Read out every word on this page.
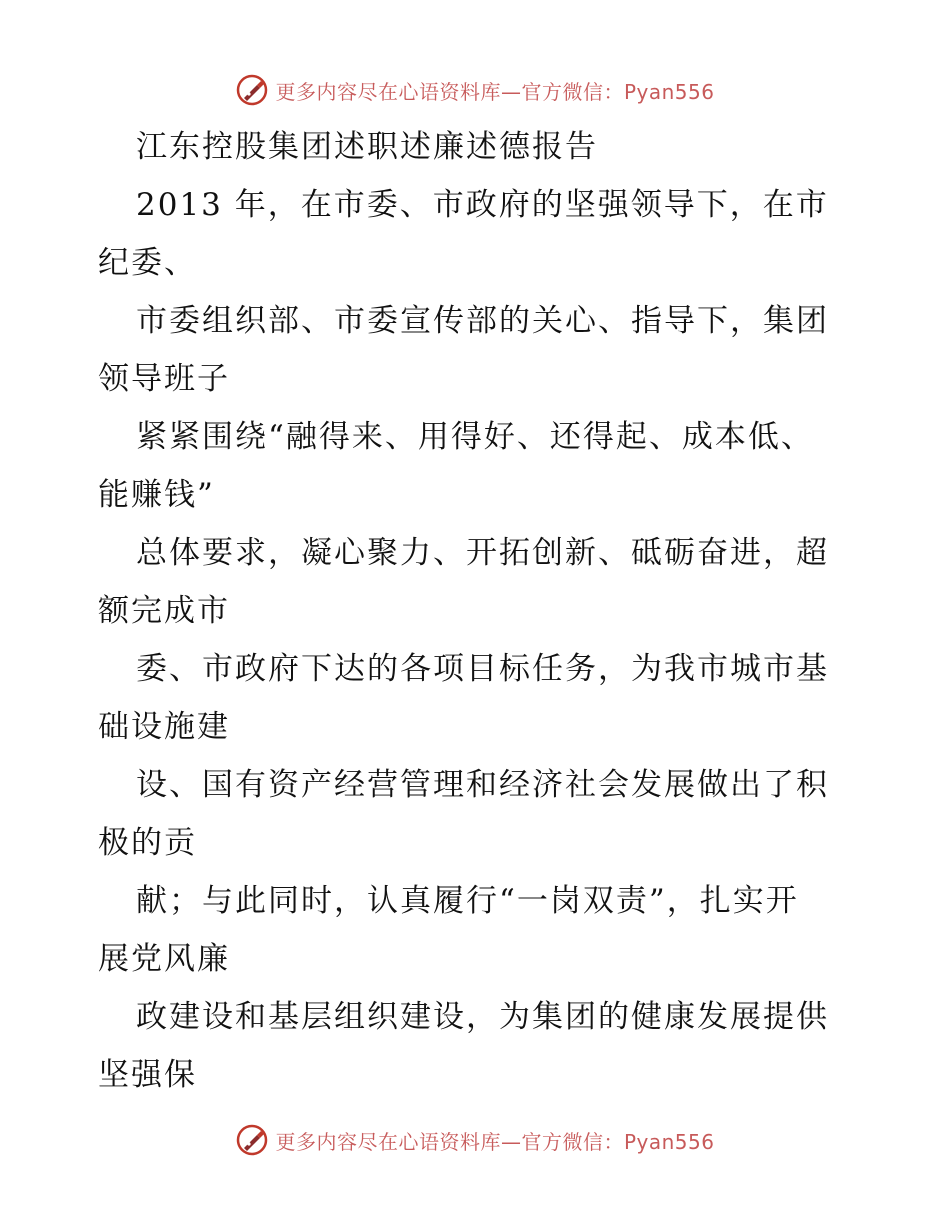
更多内容尽在心语资料库—官方微信：Pyan556
江东控股集团述职述廉述德报告
2013 年，在市委、市政府的坚强领导下，在市
纪委、
市委组织部、市委宣传部的关心、指导下，集团
领导班子
紧紧围绕“融得来、用得好、还得起、成本低、
能赚钱”
总体要求，凝心聚力、开拓创新、砥砺奋进，超
额完成市
委、市政府下达的各项目标任务，为我市城市基
础设施建
设、国有资产经营管理和经济社会发展做出了积
极的贡
献；与此同时，认真履行“一岗双责”，扎实开
展党风廉
政建设和基层组织建设，为集团的健康发展提供
坚强保
更多内容尽在心语资料库—官方微信：Pyan556
